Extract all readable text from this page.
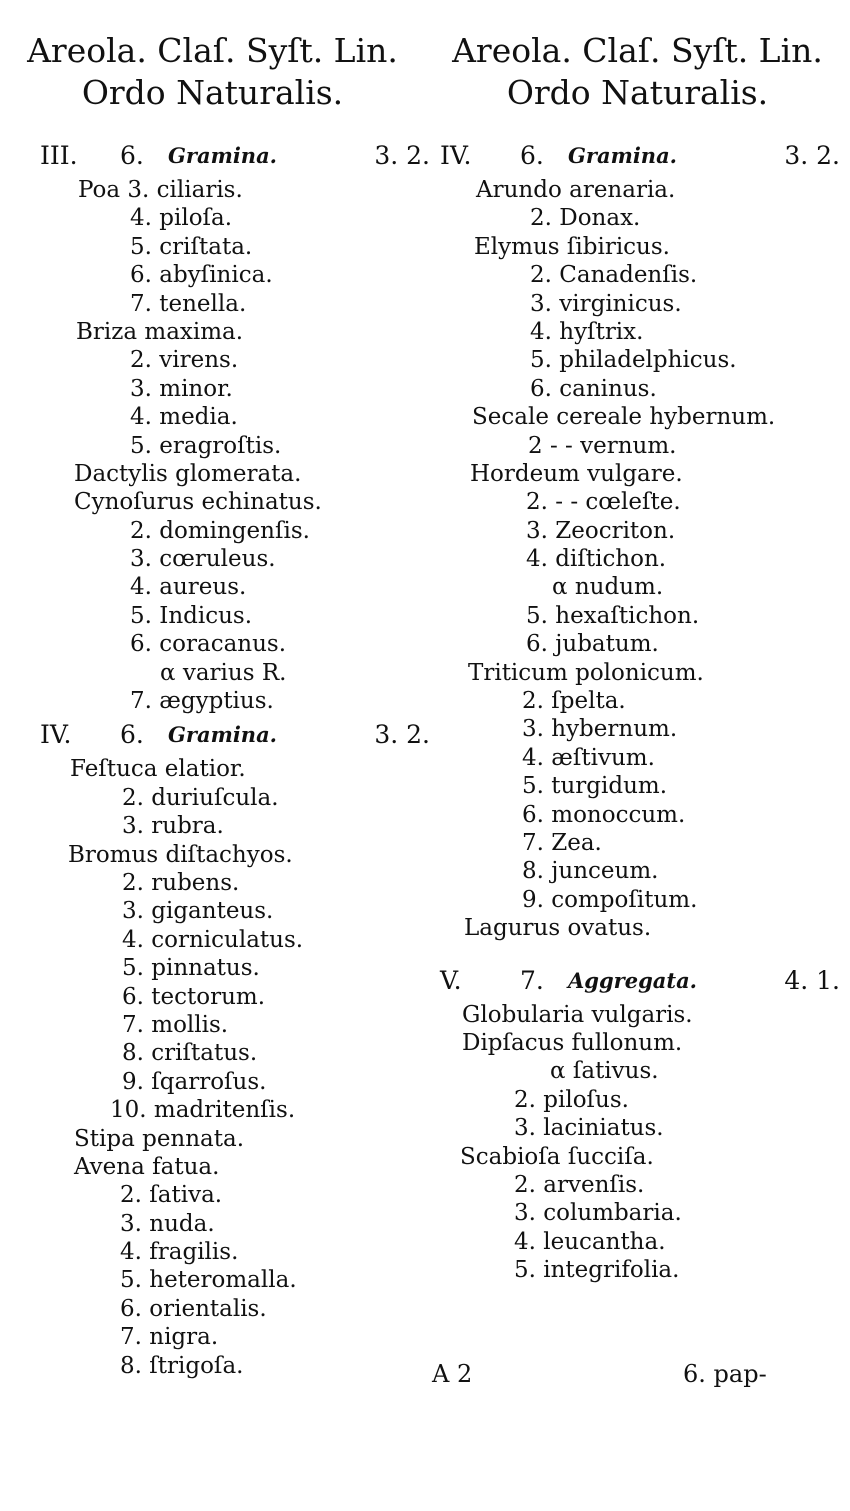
Areola. Claſ. Syſt. Lin.
Ordo Naturalis.
Areola. Claſ. Syſt. Lin.
Ordo Naturalis.
III. 6. Gramina.	3. 2.
Poa 3. ciliaris.
4. piloſa.
5. criſtata.
6. abyſinica.
7. tenella.
Briza maxima.
2. virens.
3. minor.
4. media.
5. eragroſtis.
Dactylis glomerata.
Cynoſurus echinatus.
2. domingenſis.
3. cœruleus.
4. aureus.
5. Indicus.
6. coracanus.
α varius R.
7. ægyptius.
IV. 6. Gramina.	3. 2.
Feſtuca elatior.
2. duriuſcula.
3. rubra.
Bromus diſtachyos.
2. rubens.
3. giganteus.
4. corniculatus.
5. pinnatus.
6. tectorum.
7. mollis.
8. criſtatus.
9. ſqarroſus.
10. madritenſis.
Stipa pennata.
Avena fatua.
2. ſativa.
3. nuda.
4. fragilis.
5. heteromalla.
6. orientalis.
7. nigra.
8. ſtrigoſa.
IV. 6. Gramina.	3. 2.
Arundo arenaria.
2. Donax.
Elymus ſibiricus.
2. Canadenſis.
3. virginicus.
4. hyſtrix.
5. philadelphicus.
6. caninus.
Secale cereale hybernum.
2 - - vernum.
Hordeum vulgare.
2. - - cœleſte.
3. Zeocriton.
4. diſtichon.
α nudum.
5. hexaſtichon.
6. jubatum.
Triticum polonicum.
2. ſpelta.
3. hybernum.
4. æſtivum.
5. turgidum.
6. monoccum.
7. Zea.
8. junceum.
9. compoſitum.
Lagurus ovatus.
V. 7. Aggregata.	4. 1.
Globularia vulgaris.
Dipſacus fullonum.
α ſativus.
2. piloſus.
3. laciniatus.
Scabioſa ſucciſa.
2. arvenſis.
3. columbaria.
4. leucantha.
5. integrifolia.
A 2	6. pap-
